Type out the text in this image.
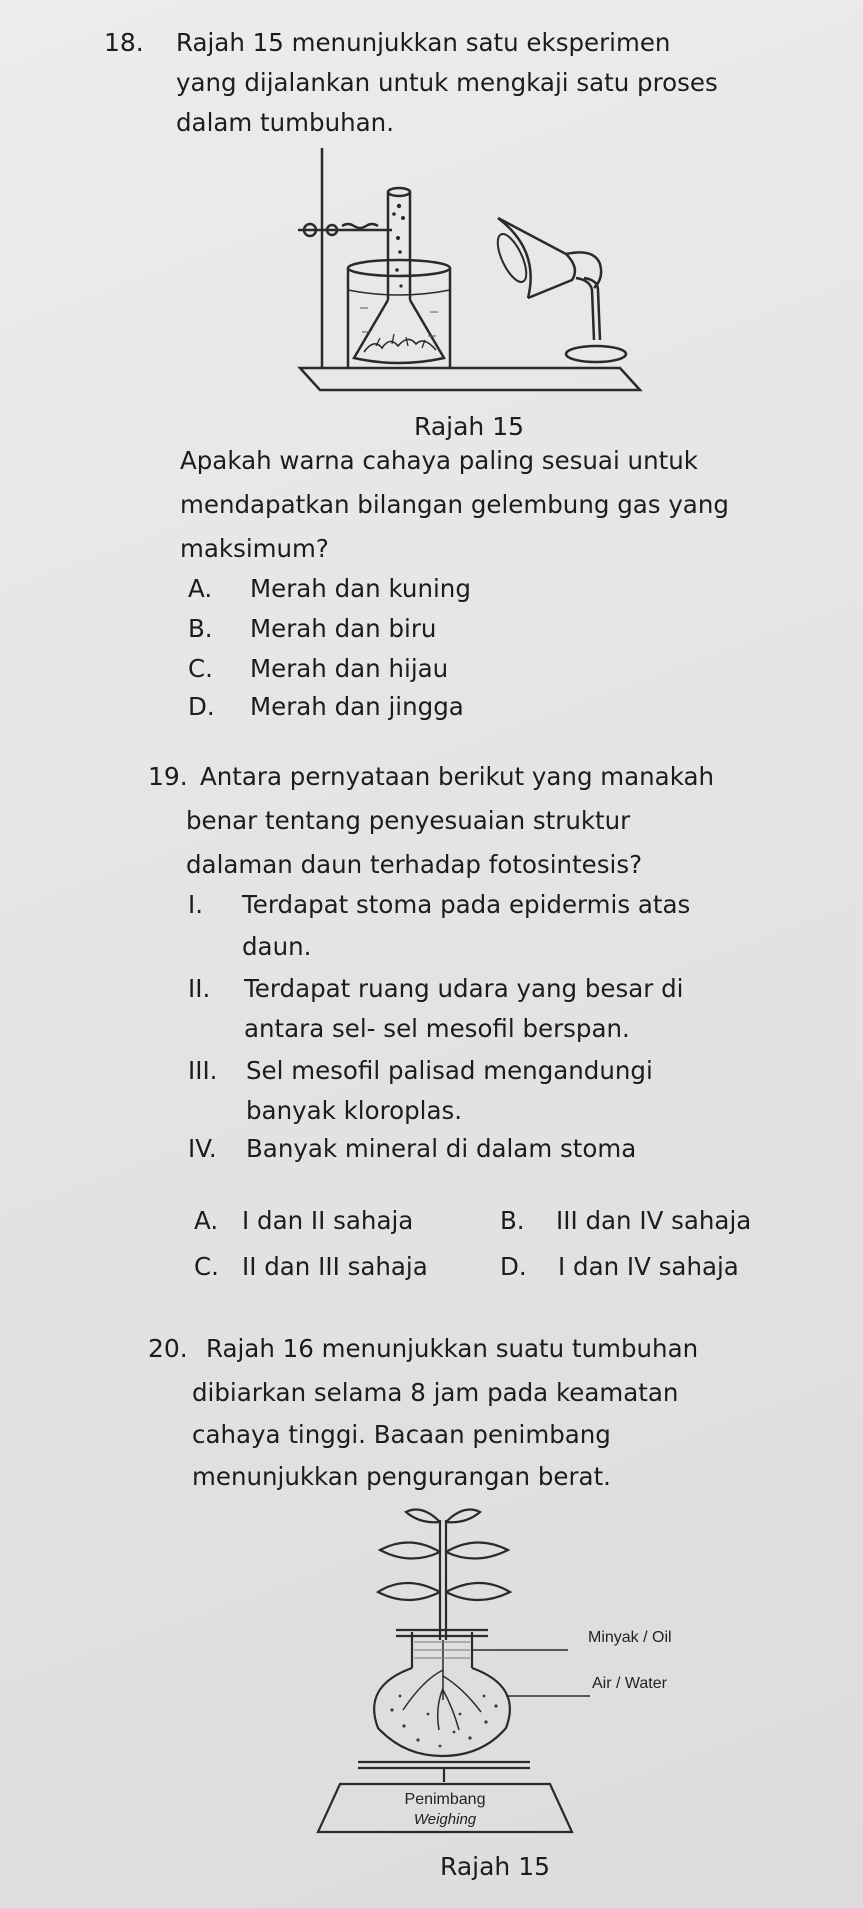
18. Rajah 15 menunjukkan satu eksperimen
yang dijalankan untuk mengkaji satu proses
dalam tumbuhan.
Rajah 15
Apakah warna cahaya paling sesuai untuk
mendapatkan bilangan gelembung gas yang
maksimum?
A. Merah dan kuning
B. Merah dan biru
C. Merah dan hijau
D. Merah dan jingga
19. Antara pernyataan berikut yang manakah
benar tentang penyesuaian struktur
dalaman daun terhadap fotosintesis?
I. Terdapat stoma pada epidermis atas
daun.
II. Terdapat ruang udara yang besar di
antara sel- sel mesofil berspan.
III. Sel mesofil palisad mengandungi
banyak kloroplas.
IV. Banyak mineral di dalam stoma
A. I dan II sahaja	B. III dan IV sahaja
C. II dan III sahaja	D. I dan IV sahaja
20. Rajah 16 menunjukkan suatu tumbuhan
dibiarkan selama 8 jam pada keamatan
cahaya tinggi. Bacaan penimbang
menunjukkan pengurangan berat.
Minyak / Oil
Air / Water
Penimbang
Weighing
Rajah 15
